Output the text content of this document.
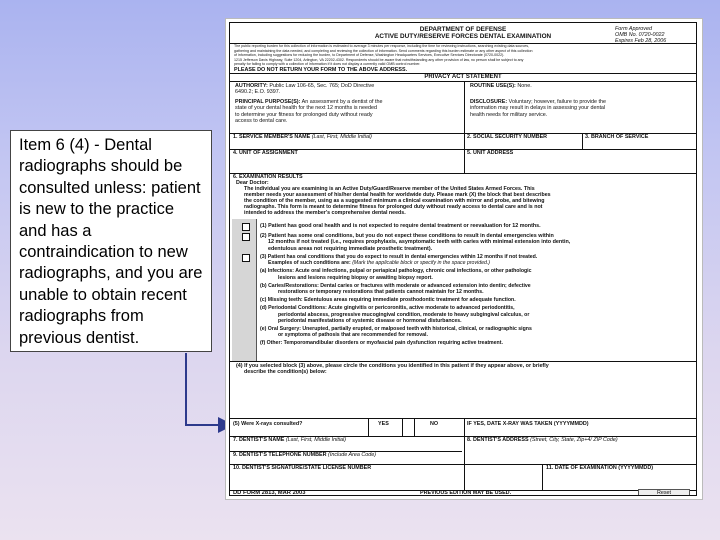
Item 6 (4) - Dental radiographs should be consulted unless: patient is new to the practice and has a contraindication to new radiographs, and you are unable to obtain recent radiographs from previous dentist.
DEPARTMENT OF DEFENSE
ACTIVE DUTY/RESERVE FORCES DENTAL EXAMINATION
Form Approved
OMB No. 0720-0022
Expires Feb 28, 2006
The public reporting burden for this collection of information is estimated to average 3 minutes per response, including the time for reviewing instructions, searching existing data sources,
gathering and maintaining the data needed, and completing and reviewing the collection of information. Send comments regarding this burden estimate or any other aspect of this collection
of information, including suggestions for reducing the burden, to Department of Defense, Washington Headquarters Services, Executive Services Directorate (0720-0022).
1215 Jefferson Davis Highway, Suite 1204, Arlington, VA 22202-4302. Respondents should be aware that notwithstanding any other provision of law, no person shall be subject to any
penalty for failing to comply with a collection of information if it does not display a currently valid OMB control number.
PLEASE DO NOT RETURN YOUR FORM TO THE ABOVE ADDRESS.
PRIVACY ACT STATEMENT
AUTHORITY: Public Law 106-65, Sec. 765; DoD Directive
6490.2; E.O. 9397.
PRINCIPAL PURPOSE(S): An assessment by a dentist of the
state of your dental health for the next 12 months is needed
to determine your fitness for prolonged duty without ready
access to dental care.
ROUTINE USE(S): None.
DISCLOSURE: Voluntary; however, failure to provide the
information may result in delays in assessing your dental
health needs for military service.
1. SERVICE MEMBER'S NAME (Last, First, Middle Initial)	2. SOCIAL SECURITY NUMBER	3. BRANCH OF SERVICE
4. UNIT OF ASSIGNMENT	5. UNIT ADDRESS
6. EXAMINATION RESULTS
Dear Doctor:
The individual you are examining is an Active Duty/Guard/Reserve member of the United States Armed Forces. This
member needs your assessment of his/her dental health for worldwide duty. Please mark (X) the block that best describes
the condition of the member, using as a suggested minimum a clinical examination with mirror and probe, and bitewing
radiographs. This form is meant to determine fitness for prolonged duty without ready access to dental care and is not
intended to address the member's comprehensive dental needs.
(1) Patient has good oral health and is not expected to require dental treatment or reevaluation for 12 months.
(2) Patient has some oral conditions, but you do not expect these conditions to result in dental emergencies within
12 months if not treated (i.e., requires prophylaxis, asymptomatic teeth with caries with minimal extension into dentin,
edentulous areas not requiring immediate prosthetic treatment).
(3) Patient has oral conditions that you do expect to result in dental emergencies within 12 months if not treated.
Examples of such conditions are: (Mark the applicable block or specify in the space provided.)
(a) Infections: Acute oral infections, pulpal or periapical pathology, chronic oral infections, or other pathologic
lesions and lesions requiring biopsy or awaiting biopsy report.
(b) Caries/Restorations: Dental caries or fractures with moderate or advanced extension into dentin; defective
restorations or temporary restorations that patients cannot maintain for 12 months.
(c) Missing teeth: Edentulous areas requiring immediate prosthodontic treatment for adequate function.
(d) Periodontal Conditions: Acute gingivitis or pericoronitis, active moderate to advanced periodontitis,
periodontal abscess, progressive mucogingival condition, moderate to heavy subgingival calculus, or
periodontal manifestations of systemic disease or hormonal disturbances.
(e) Oral Surgery: Unerupted, partially erupted, or malposed teeth with historical, clinical, or radiographic signs
or symptoms of pathosis that are recommended for removal.
(f) Other: Temporomandibular disorders or myofascial pain dysfunction requiring active treatment.
(4) If you selected block (3) above, please circle the conditions you identified in this patient if they appear above, or briefly
describe the condition(s) below:
(5) Were X-rays consulted?	YES	NO	IF YES, DATE X-RAY WAS TAKEN (YYYYMMDD)
7. DENTIST'S NAME (Last, First, Middle Initial)	8. DENTIST'S ADDRESS (Street, City, State, Zip+4/ ZIP Code)
9. DENTIST'S TELEPHONE NUMBER (Include Area Code)
10. DENTIST'S SIGNATURE/STATE LICENSE NUMBER	11. DATE OF EXAMINATION (YYYYMMDD)
DD FORM 2813, MAR 2003	PREVIOUS EDITION MAY BE USED.	Reset
